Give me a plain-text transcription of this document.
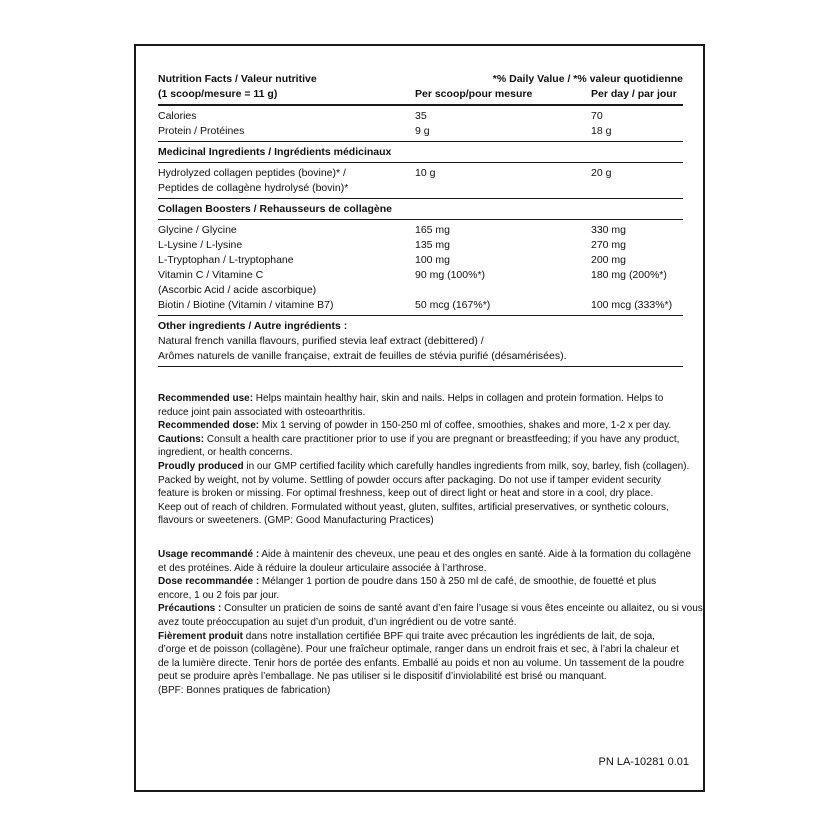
Nutrition Facts / Valeur nutritive	*% Daily Value / *% valeur quotidienne
(1 scoop/mesure = 11 g)	Per scoop/pour mesure	Per day / par jour
Calories	35	70
Protein / Protéines	9 g	18 g
Medicinal Ingredients / Ingrédients médicinaux
Hydrolyzed collagen peptides (bovine)* /	10 g	20 g
Peptides de collagène hydrolysé (bovin)*
Collagen Boosters / Rehausseurs de collagène
Glycine / Glycine	165 mg	330 mg
L-Lysine / L-lysine	135 mg	270 mg
L-Tryptophan / L-tryptophane	100 mg	200 mg
Vitamin C / Vitamine C	90 mg (100%*)	180 mg (200%*)
(Ascorbic Acid / acide ascorbique)
Biotin / Biotine (Vitamin / vitamine B7)	50 mcg (167%*)	100 mcg (333%*)
Other ingredients / Autre ingrédients :
Natural french vanilla flavours, purified stevia leaf extract (debittered) /
Arômes naturels de vanille française, extrait de feuilles de stévia purifié (désamérisées).
Recommended use: Helps maintain healthy hair, skin and nails. Helps in collagen and protein formation. Helps to
reduce joint pain associated with osteoarthritis.
Recommended dose: Mix 1 serving of powder in 150-250 ml of coffee, smoothies, shakes and more, 1-2 x per day.
Cautions: Consult a health care practitioner prior to use if you are pregnant or breastfeeding; if you have any product,
ingredient, or health concerns.
Proudly produced in our GMP certified facility which carefully handles ingredients from milk, soy, barley, fish (collagen).
Packed by weight, not by volume. Settling of powder occurs after packaging. Do not use if tamper evident security
feature is broken or missing. For optimal freshness, keep out of direct light or heat and store in a cool, dry place.
Keep out of reach of children. Formulated without yeast, gluten, sulfites, artificial preservatives, or synthetic colours,
flavours or sweeteners. (GMP: Good Manufacturing Practices)
Usage recommandé : Aide à maintenir des cheveux, une peau et des ongles en santé. Aide à la formation du collagène
et des protéines. Aide à réduire la douleur articulaire associée à l’arthrose.
Dose recommandée : Mélanger 1 portion de poudre dans 150 à 250 ml de café, de smoothie, de fouetté et plus
encore, 1 ou 2 fois par jour.
Précautions : Consulter un praticien de soins de santé avant d’en faire l’usage si vous êtes enceinte ou allaitez, ou si vous
avez toute préoccupation au sujet d’un produit, d’un ingrédient ou de votre santé.
Fièrement produit dans notre installation certifiée BPF qui traite avec précaution les ingrédients de lait, de soja,
d’orge et de poisson (collagène). Pour une fraîcheur optimale, ranger dans un endroit frais et sec, à l’abri la chaleur et
de la lumière directe. Tenir hors de portée des enfants. Emballé au poids et non au volume. Un tassement de la poudre
peut se produire après l’emballage. Ne pas utiliser si le dispositif d’inviolabilité est brisé ou manquant.
(BPF: Bonnes pratiques de fabrication)
PN LA-10281 0.01
